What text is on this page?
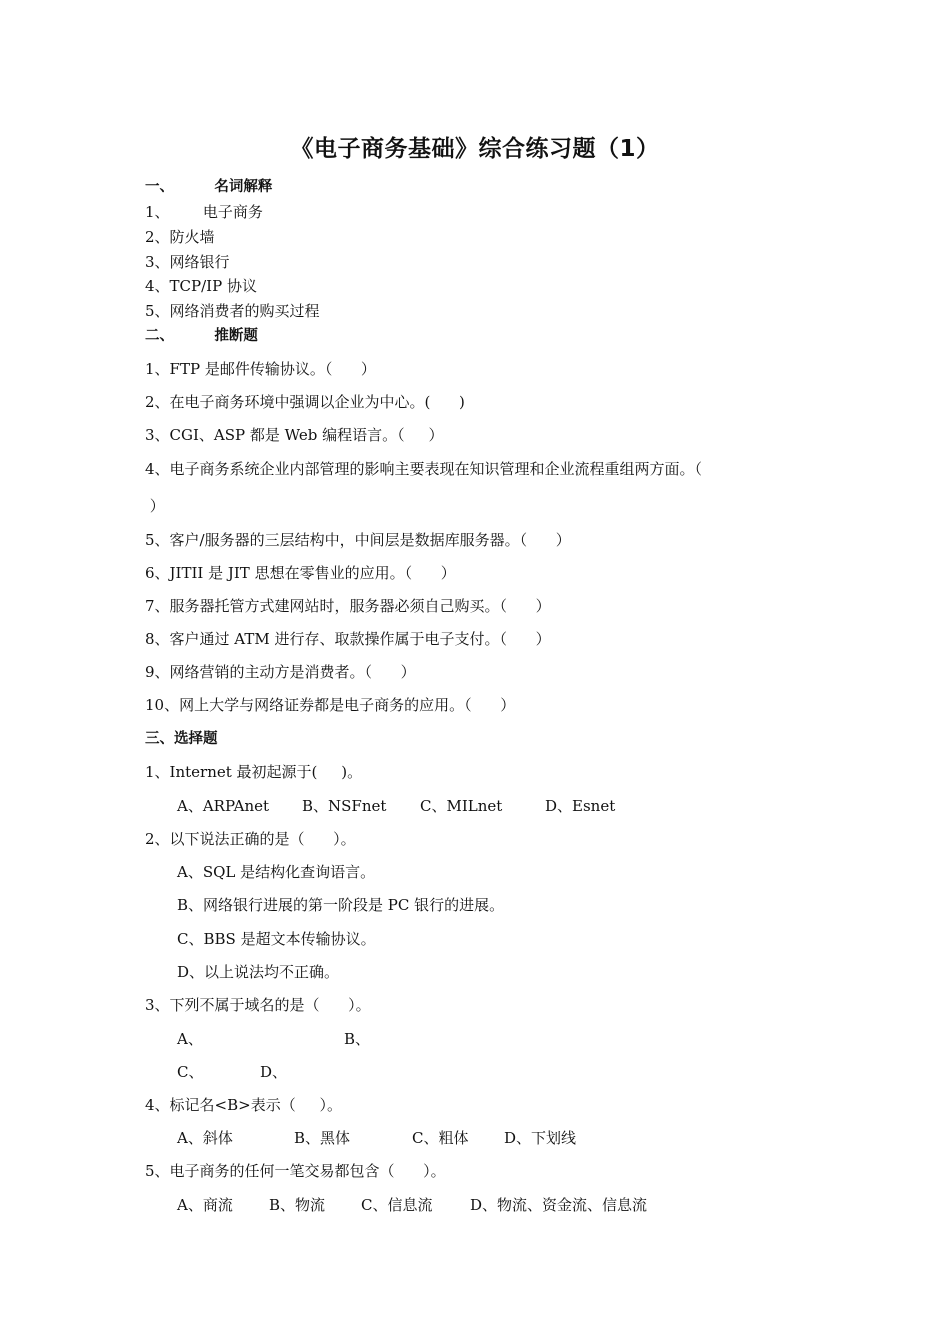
《电子商务基础》综合练习题（1）
一、        名词解释
1、       电子商务
2、防火墙
3、网络银行
4、TCP/IP 协议
5、网络消费者的购买过程
二、        推断题
1、FTP 是邮件传输协议。（      ）
2、在电子商务环境中强调以企业为中心。(      )
3、CGI、ASP 都是 Web 编程语言。（     ）
4、电子商务系统企业内部管理的影响主要表现在知识管理和企业流程重组两方面。（
）
5、客户/服务器的三层结构中，中间层是数据库服务器。（      ）
6、JITII 是 JIT 思想在零售业的应用。（      ）
7、服务器托管方式建网站时，服务器必须自己购买。（      ）
8、客户通过 ATM 进行存、取款操作属于电子支付。（      ）
9、网络营销的主动方是消费者。（      ）
10、网上大学与网络证券都是电子商务的应用。（      ）
三、选择题
1、Internet 最初起源于(     )。
A、ARPAnet B、NSFnet C、MILnet	D、Esnet
2、以下说法正确的是（      ）。
A、SQL 是结构化查询语言。
B、网络银行进展的第一阶段是 PC 银行的进展。
C、BBS 是超文本传输协议。
D、以上说法均不正确。
3、下列不属于域名的是（      ）。
A、	B、
C、	D、
4、标记名<B>表示（     ）。
A、斜体	B、黑体	C、粗体 D、下划线
5、电子商务的任何一笔交易都包含（      ）。
A、商流 B、物流 C、信息流	D、物流、资金流、信息流
